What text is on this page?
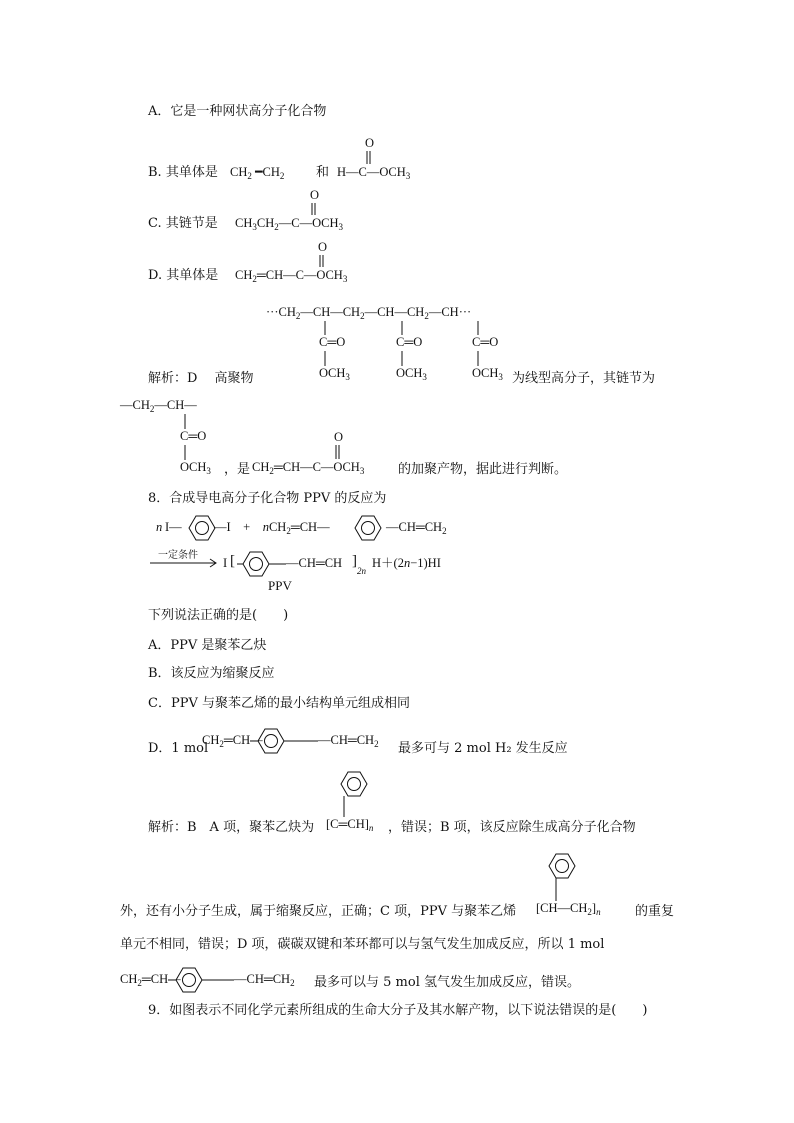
A．它是一种网状高分子化合物
B. 其单体是 $CH_2$ $━CH_2$ 和 $H—C—OCH_3$
C. 其链节是 $CH_3CH_2—C—OCH_3$
D. 其单体是 $CH_2═CH—C—OCH_3$
$\cdot\cdot\cdot CH_2—CH—CH_2—CH—CH_2—CH\cdot\cdot\cdot$
C═O	C═O	C═O
$OCH_3$	$OCH_3$	$OCH_3$
解析：D　 高聚物	为线型高分子，其链节为
$—CH_2—CH—$
C═O
$OCH_3$ ，是 $CH_2═CH—C—OCH_3$	的加聚产物，据此进行判断。
8．合成导电高分子化合物 PPV 的反应为
n I—	—I　+　nCH$_2$═CH—	$—CH═CH_2$
一定条件
I [	—CH═CH ]
2n
H＋(2n−1)HI
PPV
下列说法正确的是(　　)
A．PPV 是聚苯乙炔
B．该反应为缩聚反应
C．PPV 与聚苯乙烯的最小结构单元组成相同
D．1 mol
$CH_2═CH—$	$—CH═CH_2$ 最多可与 2 mol H₂ 发生反应
解析：B　A 项，聚苯乙炔为 $[C═CH]_n$ ，错误；B 项，该反应除生成高分子化合物
外，还有小分子生成，属于缩聚反应，正确；C 项，PPV 与聚苯乙烯 $[CH—CH_2]_n$	的重复
单元不相同，错误；D 项，碳碳双键和苯环都可以与氢气发生加成反应，所以 1 mol
$CH_2═CH—$	$—CH═CH_2$ 最多可以与 5 mol 氢气发生加成反应，错误。
9．如图表示不同化学元素所组成的生命大分子及其水解产物，以下说法错误的是(　　)
O
O
O
O
